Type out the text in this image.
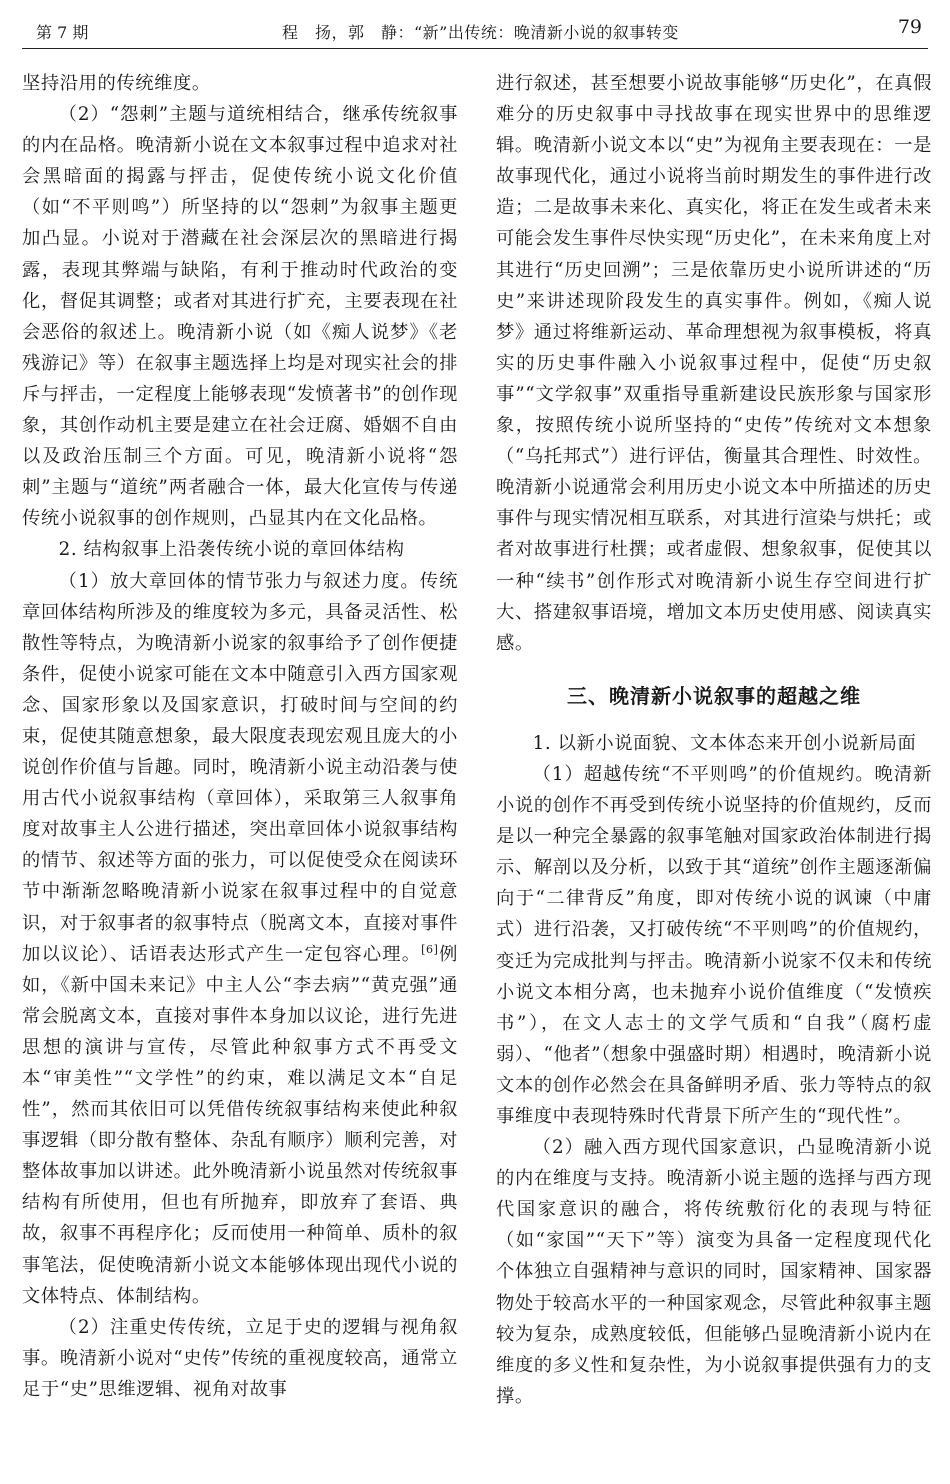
第 7 期	程　扬，郭　静：“新”出传统：晚清新小说的叙事转变	79

坚持沿用的传统维度。

（2）“怨刺”主题与道统相结合，继承传统叙事的内在品格。晚清新小说在文本叙事过程中追求对社会黑暗面的揭露与抨击，促使传统小说文化价值（如“不平则鸣”）所坚持的以“怨刺”为叙事主题更加凸显。小说对于潜藏在社会深层次的黑暗进行揭露，表现其弊端与缺陷，有利于推动时代政治的变化，督促其调整；或者对其进行扩充，主要表现在社会恶俗的叙述上。晚清新小说（如《痴人说梦》《老残游记》等）在叙事主题选择上均是对现实社会的排斥与抨击，一定程度上能够表现“发愤著书”的创作现象，其创作动机主要是建立在社会迂腐、婚姻不自由以及政治压制三个方面。可见，晚清新小说将“怨刺”主题与“道统”两者融合一体，最大化宣传与传递传统小说叙事的创作规则，凸显其内在文化品格。

2. 结构叙事上沿袭传统小说的章回体结构

（1）放大章回体的情节张力与叙述力度。传统章回体结构所涉及的维度较为多元，具备灵活性、松散性等特点，为晚清新小说家的叙事给予了创作便捷条件，促使小说家可能在文本中随意引入西方国家观念、国家形象以及国家意识，打破时间与空间的约束，促使其随意想象，最大限度表现宏观且庞大的小说创作价值与旨趣。同时，晚清新小说主动沿袭与使用古代小说叙事结构（章回体），采取第三人叙事角度对故事主人公进行描述，突出章回体小说叙事结构的情节、叙述等方面的张力，可以促使受众在阅读环节中渐渐忽略晚清新小说家在叙事过程中的自觉意识，对于叙事者的叙事特点（脱离文本，直接对事件加以议论）、话语表达形式产生一定包容心理。[6]例如，《新中国未来记》中主人公“李去病”“黄克强”通常会脱离文本，直接对事件本身加以议论，进行先进思想的演讲与宣传，尽管此种叙事方式不再受文本“审美性”“文学性”的约束，难以满足文本“自足性”，然而其依旧可以凭借传统叙事结构来使此种叙事逻辑（即分散有整体、杂乱有顺序）顺利完善，对整体故事加以讲述。此外晚清新小说虽然对传统叙事结构有所使用，但也有所抛弃，即放弃了套语、典故，叙事不再程序化；反而使用一种简单、质朴的叙事笔法，促使晚清新小说文本能够体现出现代小说的文体特点、体制结构。

（2）注重史传传统，立足于史的逻辑与视角叙事。晚清新小说对“史传”传统的重视度较高，通常立足于“史”思维逻辑、视角对故事

进行叙述，甚至想要小说故事能够“历史化”，在真假难分的历史叙事中寻找故事在现实世界中的思维逻辑。晚清新小说文本以“史”为视角主要表现在：一是故事现代化，通过小说将当前时期发生的事件进行改造；二是故事未来化、真实化，将正在发生或者未来可能会发生事件尽快实现“历史化”，在未来角度上对其进行“历史回溯”；三是依靠历史小说所讲述的“历史”来讲述现阶段发生的真实事件。例如，《痴人说梦》通过将维新运动、革命理想视为叙事模板，将真实的历史事件融入小说叙事过程中，促使“历史叙事”“文学叙事”双重指导重新建设民族形象与国家形象，按照传统小说所坚持的“史传”传统对文本想象（“乌托邦式”）进行评估，衡量其合理性、时效性。晚清新小说通常会利用历史小说文本中所描述的历史事件与现实情况相互联系，对其进行渲染与烘托；或者对故事进行杜撰；或者虚假、想象叙事，促使其以一种“续书”创作形式对晚清新小说生存空间进行扩大、搭建叙事语境，增加文本历史使用感、阅读真实感。

三、晚清新小说叙事的超越之维

1. 以新小说面貌、文本体态来开创小说新局面

（1）超越传统“不平则鸣”的价值规约。晚清新小说的创作不再受到传统小说坚持的价值规约，反而是以一种完全暴露的叙事笔触对国家政治体制进行揭示、解剖以及分析，以致于其“道统”创作主题逐渐偏向于“二律背反”角度，即对传统小说的讽谏（中庸式）进行沿袭，又打破传统“不平则鸣”的价值规约，变迁为完成批判与抨击。晚清新小说家不仅未和传统小说文本相分离，也未抛弃小说价值维度（“发愤疾书”），在文人志士的文学气质和“自我”（腐朽虚弱）、“他者”（想象中强盛时期）相遇时，晚清新小说文本的创作必然会在具备鲜明矛盾、张力等特点的叙事维度中表现特殊时代背景下所产生的“现代性”。

（2）融入西方现代国家意识，凸显晚清新小说的内在维度与支持。晚清新小说主题的选择与西方现代国家意识的融合，将传统敷衍化的表现与特征（如“家国”“天下”等）演变为具备一定程度现代化个体独立自强精神与意识的同时，国家精神、国家器物处于较高水平的一种国家观念，尽管此种叙事主题较为复杂，成熟度较低，但能够凸显晚清新小说内在维度的多义性和复杂性，为小说叙事提供强有力的支撑。
